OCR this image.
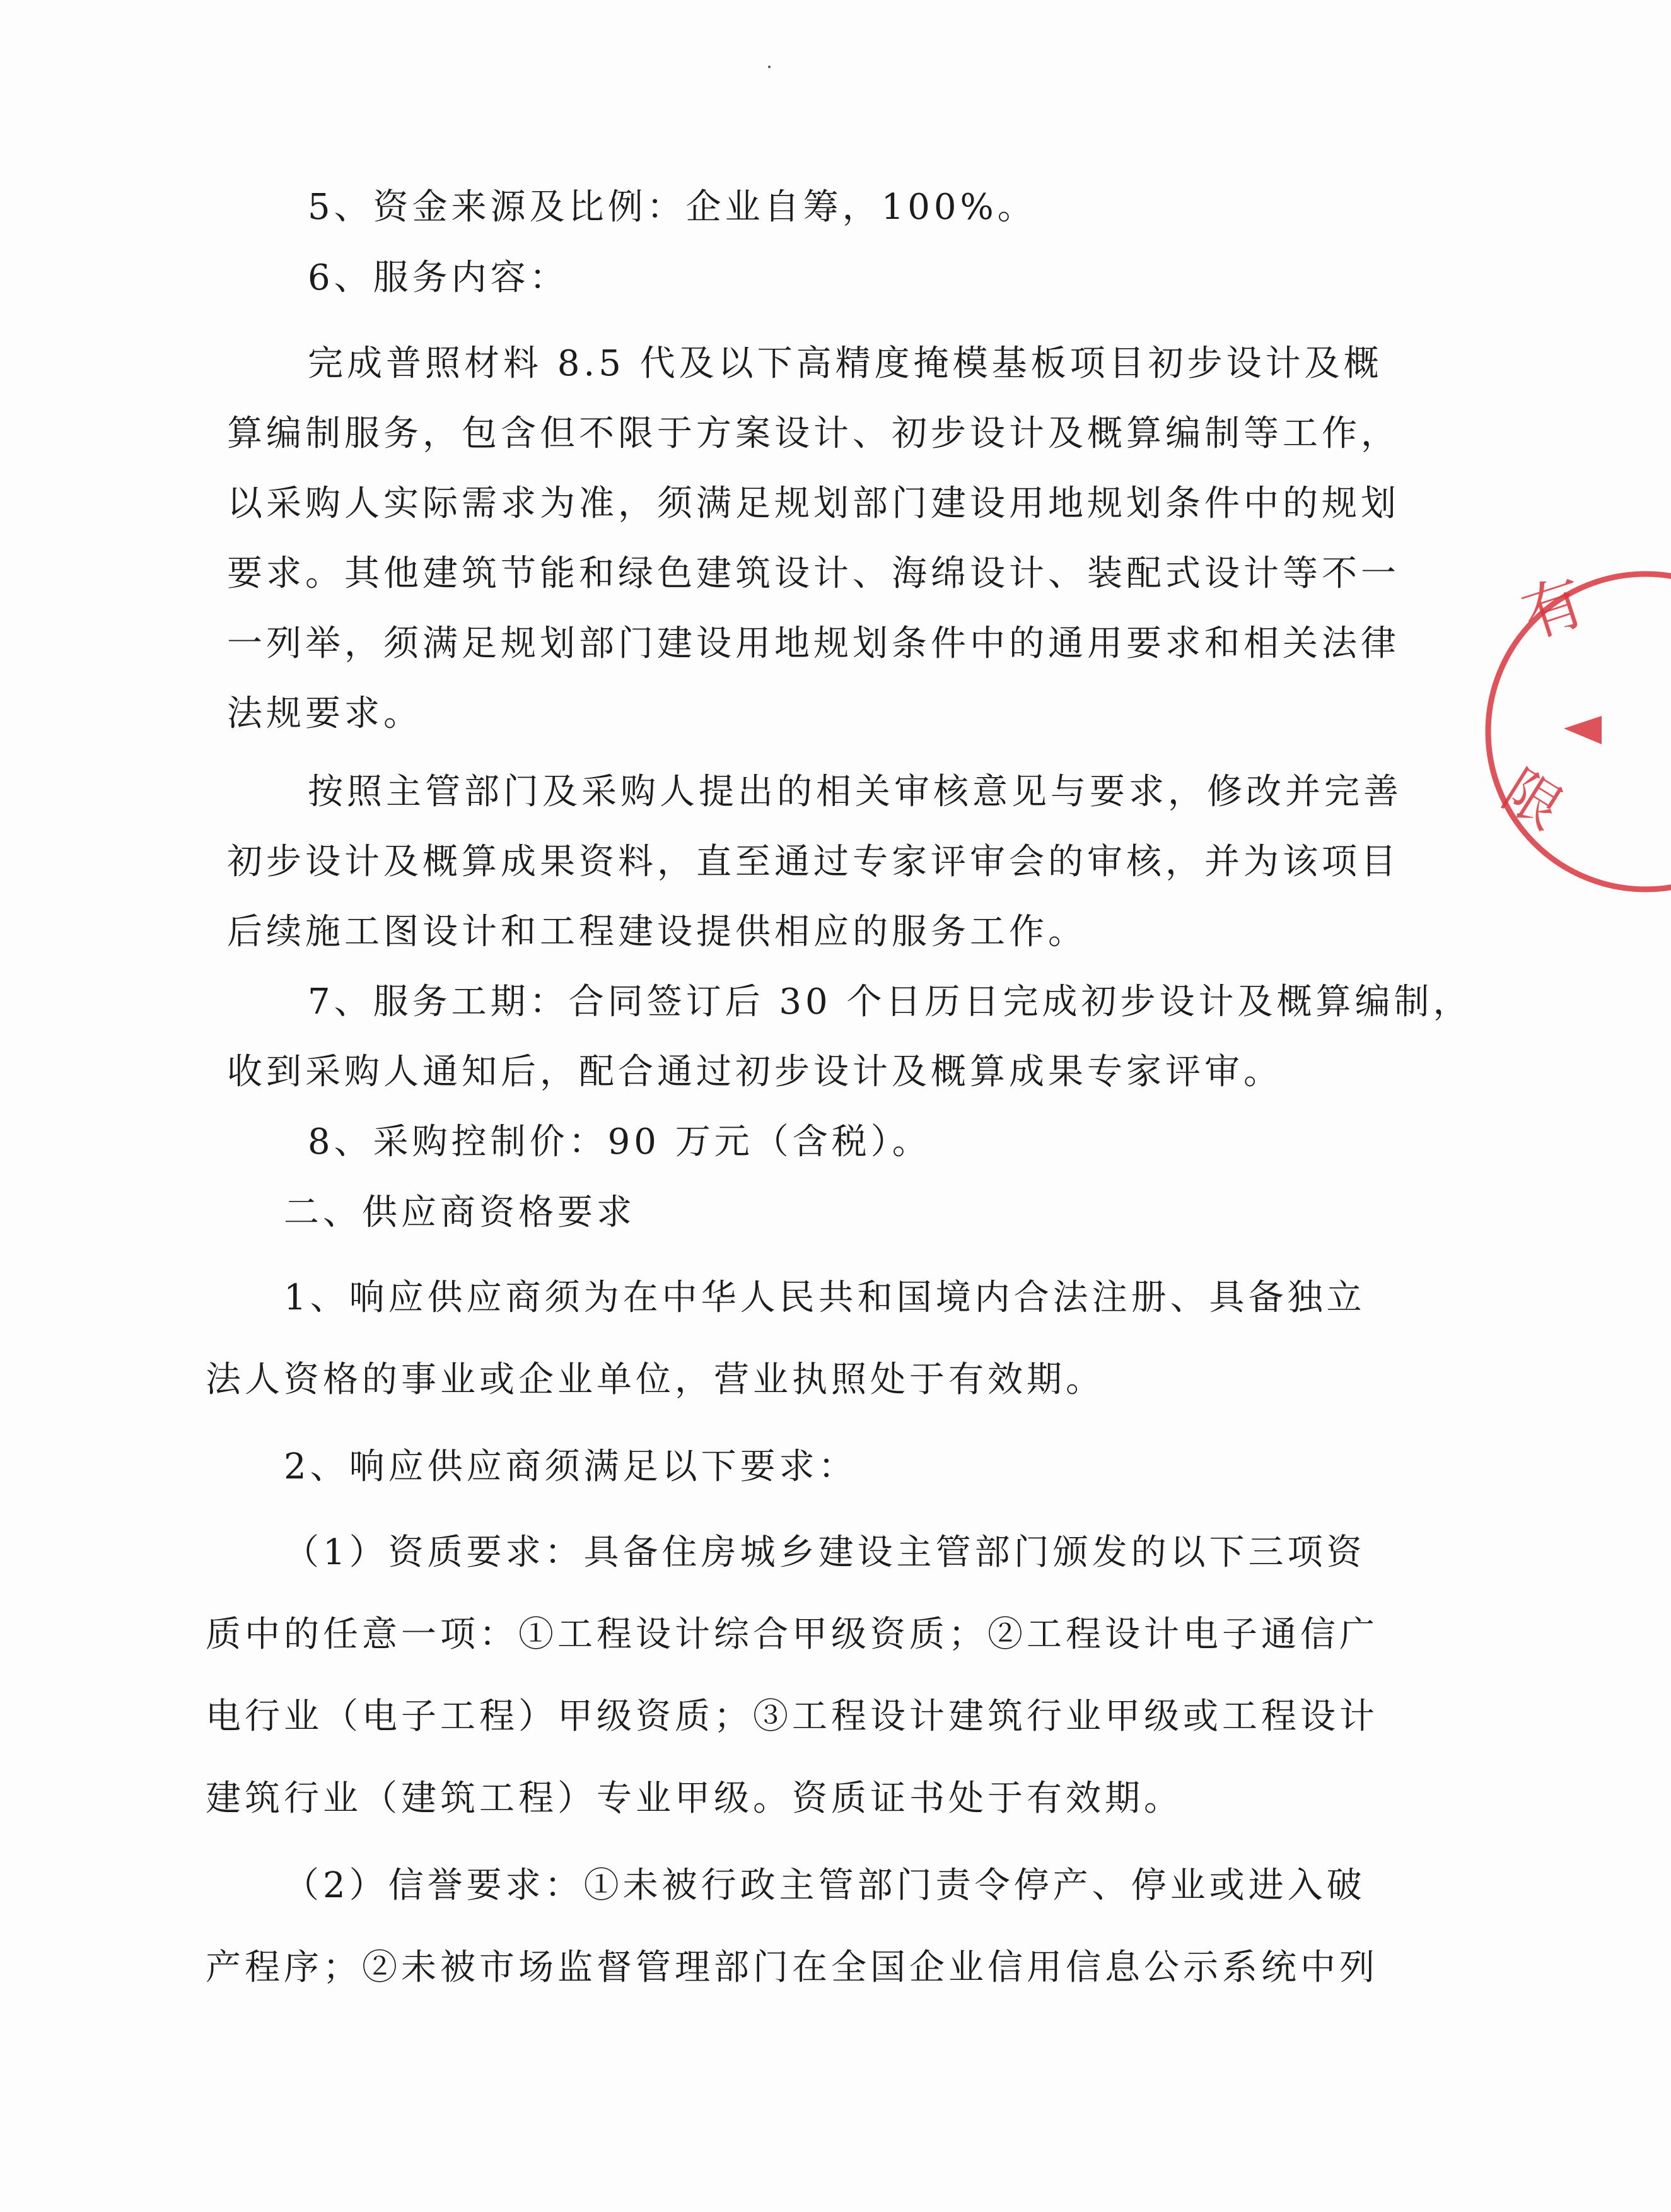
5、资金来源及比例：企业自筹，100%。
6、服务内容：
完成普照材料 8.5 代及以下高精度掩模基板项目初步设计及概
算编制服务，包含但不限于方案设计、初步设计及概算编制等工作，
以采购人实际需求为准，须满足规划部门建设用地规划条件中的规划
要求。其他建筑节能和绿色建筑设计、海绵设计、装配式设计等不一
一列举，须满足规划部门建设用地规划条件中的通用要求和相关法律
法规要求。
按照主管部门及采购人提出的相关审核意见与要求，修改并完善
初步设计及概算成果资料，直至通过专家评审会的审核，并为该项目
后续施工图设计和工程建设提供相应的服务工作。
7、服务工期：合同签订后 30 个日历日完成初步设计及概算编制，
收到采购人通知后，配合通过初步设计及概算成果专家评审。
8、采购控制价：90 万元（含税）。
二、供应商资格要求
1、响应供应商须为在中华人民共和国境内合法注册、具备独立
法人资格的事业或企业单位，营业执照处于有效期。
2、响应供应商须满足以下要求：
（1）资质要求：具备住房城乡建设主管部门颁发的以下三项资
质中的任意一项：①工程设计综合甲级资质；②工程设计电子通信广
电行业（电子工程）甲级资质；③工程设计建筑行业甲级或工程设计
建筑行业（建筑工程）专业甲级。资质证书处于有效期。
（2）信誉要求：①未被行政主管部门责令停产、停业或进入破
产程序；②未被市场监督管理部门在全国企业信用信息公示系统中列
有
限
